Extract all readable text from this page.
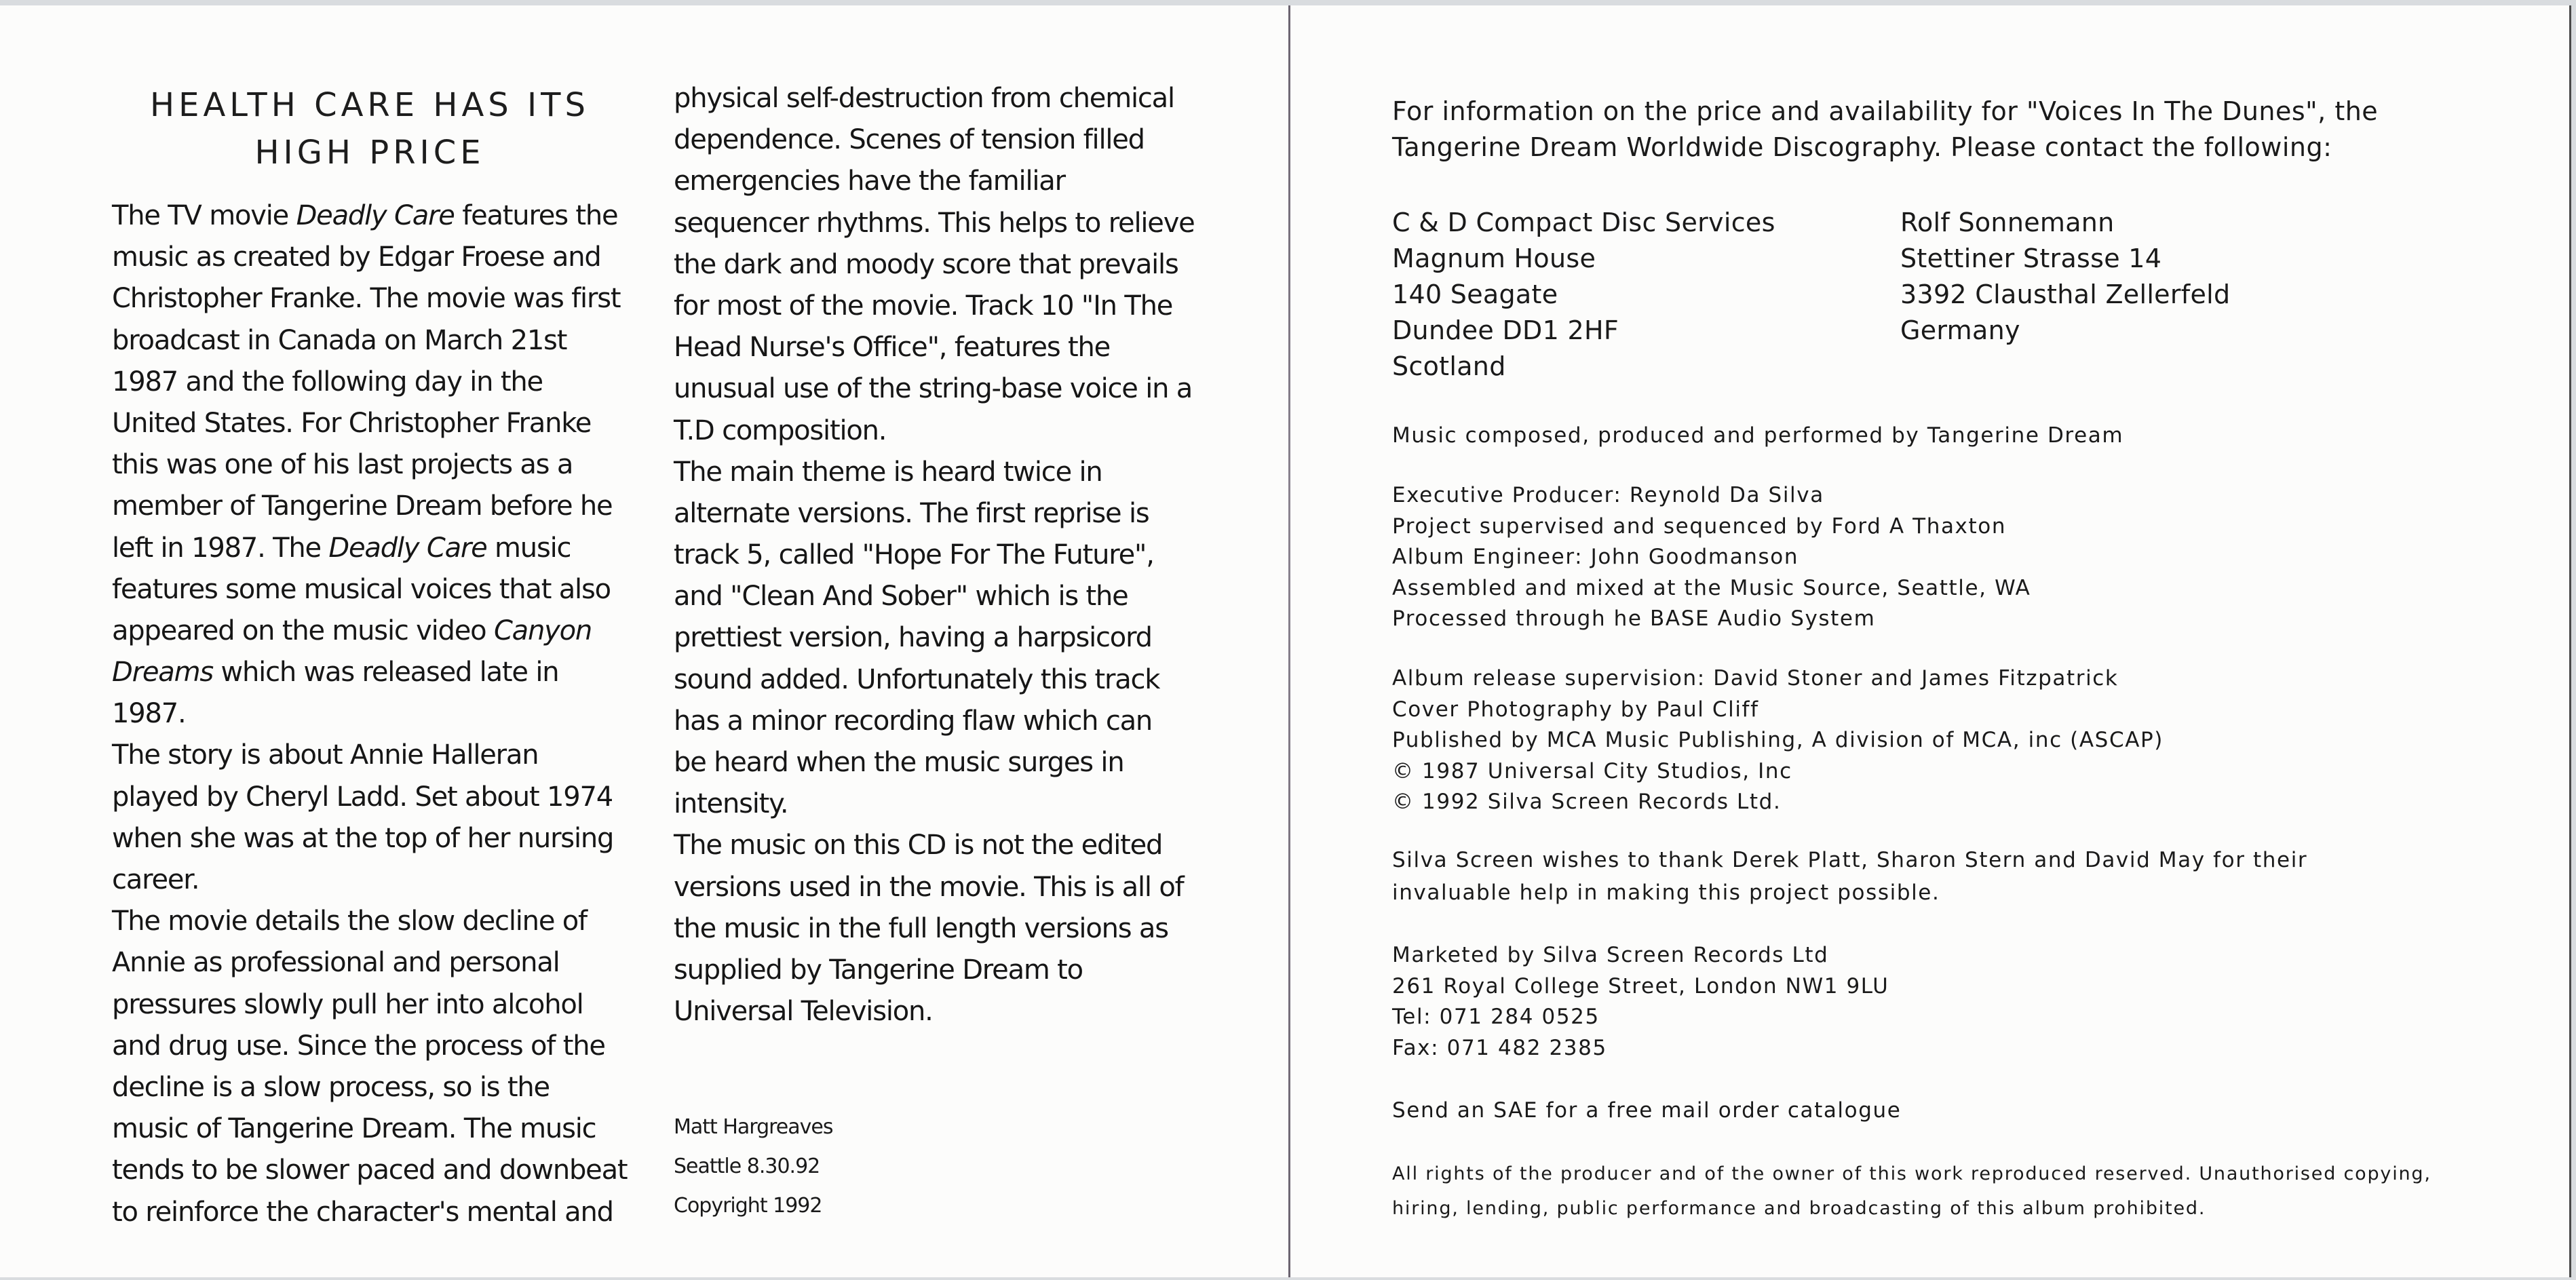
HEALTH CARE HAS ITS
HIGH PRICE
The TV movie Deadly Care features the
music as created by Edgar Froese and
Christopher Franke. The movie was first
broadcast in Canada on March 21st
1987 and the following day in the
United States. For Christopher Franke
this was one of his last projects as a
member of Tangerine Dream before he
left in 1987. The Deadly Care music
features some musical voices that also
appeared on the music video Canyon
Dreams which was released late in
1987.
The story is about Annie Halleran
played by Cheryl Ladd. Set about 1974
when she was at the top of her nursing
career.
The movie details the slow decline of
Annie as professional and personal
pressures slowly pull her into alcohol
and drug use. Since the process of the
decline is a slow process, so is the
music of Tangerine Dream. The music
tends to be slower paced and downbeat
to reinforce the character's mental and
physical self-destruction from chemical
dependence. Scenes of tension filled
emergencies have the familiar
sequencer rhythms. This helps to relieve
the dark and moody score that prevails
for most of the movie. Track 10 "In The
Head Nurse's Office", features the
unusual use of the string-base voice in a
T.D composition.
The main theme is heard twice in
alternate versions. The first reprise is
track 5, called "Hope For The Future",
and "Clean And Sober" which is the
prettiest version, having a harpsicord
sound added. Unfortunately this track
has a minor recording flaw which can
be heard when the music surges in
intensity.
The music on this CD is not the edited
versions used in the movie. This is all of
the music in the full length versions as
supplied by Tangerine Dream to
Universal Television.
Matt Hargreaves
Seattle 8.30.92
Copyright 1992
For information on the price and availability for "Voices In The Dunes", the
Tangerine Dream Worldwide Discography. Please contact the following:
C & D Compact Disc Services
Magnum House
140 Seagate
Dundee DD1 2HF
Scotland
Rolf Sonnemann
Stettiner Strasse 14
3392 Clausthal Zellerfeld
Germany
Music composed, produced and performed by Tangerine Dream
Executive Producer: Reynold Da Silva
Project supervised and sequenced by Ford A Thaxton
Album Engineer: John Goodmanson
Assembled and mixed at the Music Source, Seattle, WA
Processed through he BASE Audio System
Album release supervision: David Stoner and James Fitzpatrick
Cover Photography by Paul Cliff
Published by MCA Music Publishing, A division of MCA, inc (ASCAP)
© 1987 Universal City Studios, Inc
© 1992 Silva Screen Records Ltd.
Silva Screen wishes to thank Derek Platt, Sharon Stern and David May for their
invaluable help in making this project possible.
Marketed by Silva Screen Records Ltd
261 Royal College Street, London NW1 9LU
Tel: 071 284 0525
Fax: 071 482 2385
Send an SAE for a free mail order catalogue
All rights of the producer and of the owner of this work reproduced reserved. Unauthorised copying,
hiring, lending, public performance and broadcasting of this album prohibited.
